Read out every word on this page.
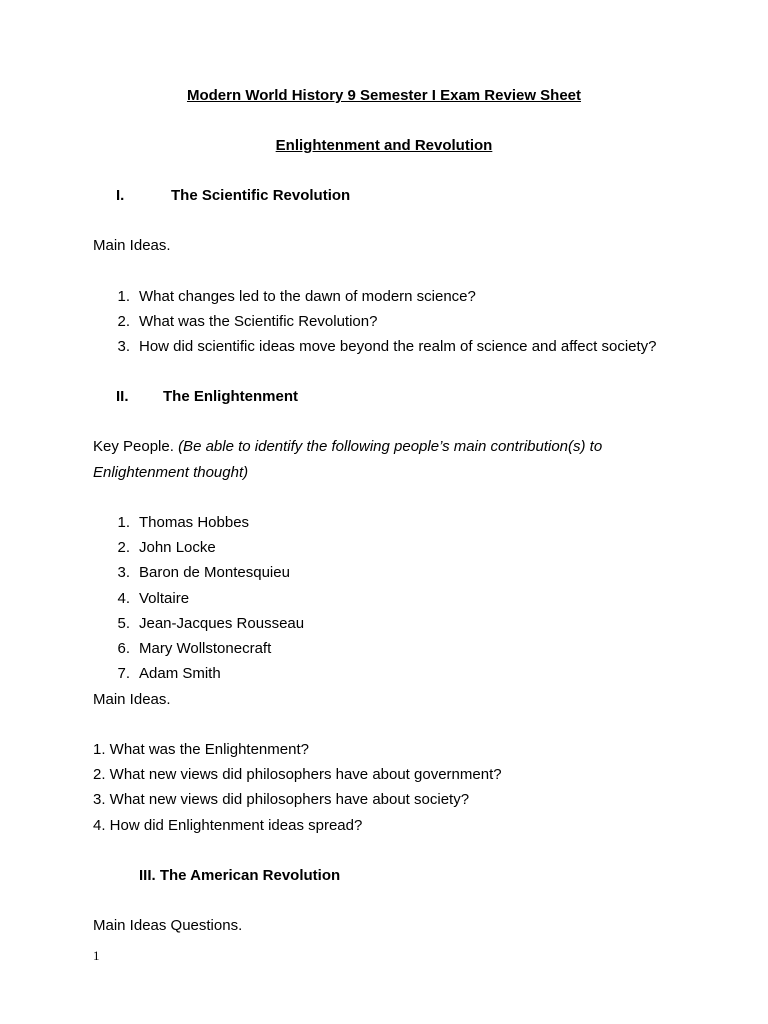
Modern World History 9 Semester I Exam Review Sheet
Enlightenment and Revolution
I.	The Scientific Revolution
Main Ideas.
1. What changes led to the dawn of modern science?
2. What was the Scientific Revolution?
3. How did scientific ideas move beyond the realm of science and affect society?
II. The Enlightenment
Key People. (Be able to identify the following people’s main contribution(s) to
Enlightenment thought)
1. Thomas Hobbes
2. John Locke
3. Baron de Montesquieu
4. Voltaire
5. Jean-Jacques Rousseau
6. Mary Wollstonecraft
7. Adam Smith
Main Ideas.
1. What was the Enlightenment?
2. What new views did philosophers have about government?
3. What new views did philosophers have about society?
4. How did Enlightenment ideas spread?
III. The American Revolution
Main Ideas Questions.
1
